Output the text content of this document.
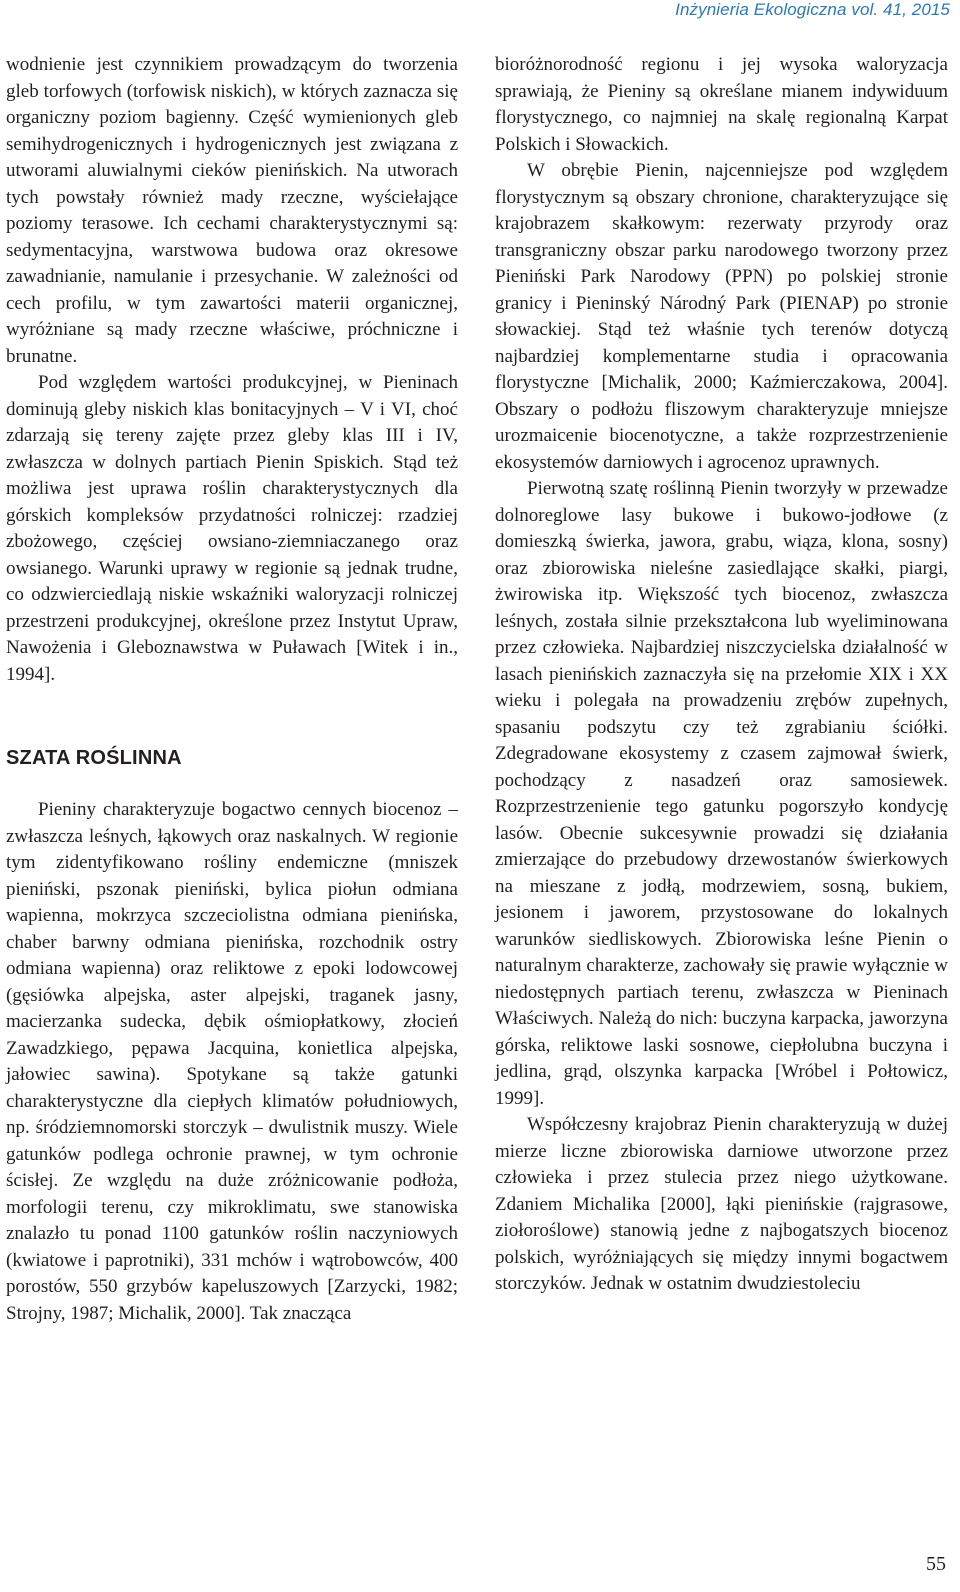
Inżynieria Ekologiczna vol. 41, 2015

wodnienie jest czynnikiem prowadzącym do tworzenia gleb torfowych (torfowisk niskich), w których zaznacza się organiczny poziom bagienny. Część wymienionych gleb semihydrogenicznych i hydrogenicznych jest związana z utworami aluwialnymi cieków pienińskich. Na utworach tych powstały również mady rzeczne, wyściełające poziomy terasowe. Ich cechami charakterystycznymi są: sedymentacyjna, warstwowa budowa oraz okresowe zawadnianie, namulanie i przesychanie. W zależności od cech profilu, w tym zawartości materii organicznej, wyróżniane są mady rzeczne właściwe, próchniczne i brunatne.

Pod względem wartości produkcyjnej, w Pieninach dominują gleby niskich klas bonitacyjnych – V i VI, choć zdarzają się tereny zajęte przez gleby klas III i IV, zwłaszcza w dolnych partiach Pienin Spiskich. Stąd też możliwa jest uprawa roślin charakterystycznych dla górskich kompleksów przydatności rolniczej: rzadziej zbożowego, częściej owsiano-ziemniaczanego oraz owsianego. Warunki uprawy w regionie są jednak trudne, co odzwierciedlają niskie wskaźniki waloryzacji rolniczej przestrzeni produkcyjnej, określone przez Instytut Upraw, Nawożenia i Gleboznawstwa w Puławach [Witek i in., 1994].

SZATA ROŚLINNA

Pieniny charakteryzuje bogactwo cennych biocenoz – zwłaszcza leśnych, łąkowych oraz naskalnych. W regionie tym zidentyfikowano rośliny endemiczne (mniszek pieniński, pszonak pieniński, bylica piołun odmiana wapienna, mokrzyca szczeciolistna odmiana pienińska, chaber barwny odmiana pienińska, rozchodnik ostry odmiana wapienna) oraz reliktowe z epoki lodowcowej (gęsiówka alpejska, aster alpejski, traganek jasny, macierzanka sudecka, dębik ośmiopłatkowy, złocień Zawadzkiego, pępawa Jacquina, konietlica alpejska, jałowiec sawina). Spotykane są także gatunki charakterystyczne dla ciepłych klimatów południowych, np. śródziemnomorski storczyk – dwulistnik muszy. Wiele gatunków podlega ochronie prawnej, w tym ochronie ścisłej. Ze względu na duże zróżnicowanie podłoża, morfologii terenu, czy mikroklimatu, swe stanowiska znalazło tu ponad 1100 gatunków roślin naczyniowych (kwiatowe i paprotniki), 331 mchów i wątrobowców, 400 porostów, 550 grzybów kapeluszowych [Zarzycki, 1982; Strojny, 1987; Michalik, 2000]. Tak znacząca

bioróżnorodność regionu i jej wysoka waloryzacja sprawiają, że Pieniny są określane mianem indywiduum florystycznego, co najmniej na skalę regionalną Karpat Polskich i Słowackich.

W obrębie Pienin, najcenniejsze pod względem florystycznym są obszary chronione, charakteryzujące się krajobrazem skałkowym: rezerwaty przyrody oraz transgraniczny obszar parku narodowego tworzony przez Pieniński Park Narodowy (PPN) po polskiej stronie granicy i Pieninský Národný Park (PIENAP) po stronie słowackiej. Stąd też właśnie tych terenów dotyczą najbardziej komplementarne studia i opracowania florystyczne [Michalik, 2000; Kaźmierczakowa, 2004]. Obszary o podłożu fliszowym charakteryzuje mniejsze urozmaicenie biocenotyczne, a także rozprzestrzenienie ekosystemów darniowych i agrocenoz uprawnych.

Pierwotną szatę roślinną Pienin tworzyły w przewadze dolnoreglowe lasy bukowe i bukowo-jodłowe (z domieszką świerka, jawora, grabu, wiąza, klona, sosny) oraz zbiorowiska nieleśne zasiedlające skałki, piargi, żwirowiska itp. Większość tych biocenoz, zwłaszcza leśnych, została silnie przekształcona lub wyeliminowana przez człowieka. Najbardziej niszczycielska działalność w lasach pienińskich zaznaczyła się na przełomie XIX i XX wieku i polegała na prowadzeniu zrębów zupełnych, spasaniu podszytu czy też zgrabianiu ściółki. Zdegradowane ekosystemy z czasem zajmował świerk, pochodzący z nasadzeń oraz samosiewek. Rozprzestrzenienie tego gatunku pogorszyło kondycję lasów. Obecnie sukcesywnie prowadzi się działania zmierzające do przebudowy drzewostanów świerkowych na mieszane z jodłą, modrzewiem, sosną, bukiem, jesionem i jaworem, przystosowane do lokalnych warunków siedliskowych. Zbiorowiska leśne Pienin o naturalnym charakterze, zachowały się prawie wyłącznie w niedostępnych partiach terenu, zwłaszcza w Pieninach Właściwych. Należą do nich: buczyna karpacka, jaworzyna górska, reliktowe laski sosnowe, ciepłolubna buczyna i jedlina, grąd, olszynka karpacka [Wróbel i Połtowicz, 1999].

Współczesny krajobraz Pienin charakteryzują w dużej mierze liczne zbiorowiska darniowe utworzone przez człowieka i przez stulecia przez niego użytkowane. Zdaniem Michalika [2000], łąki pienińskie (rajgrasowe, ziołoroślowe) stanowią jedne z najbogatszych biocenoz polskich, wyróżniających się między innymi bogactwem storczyków. Jednak w ostatnim dwudziestoleciu

55
